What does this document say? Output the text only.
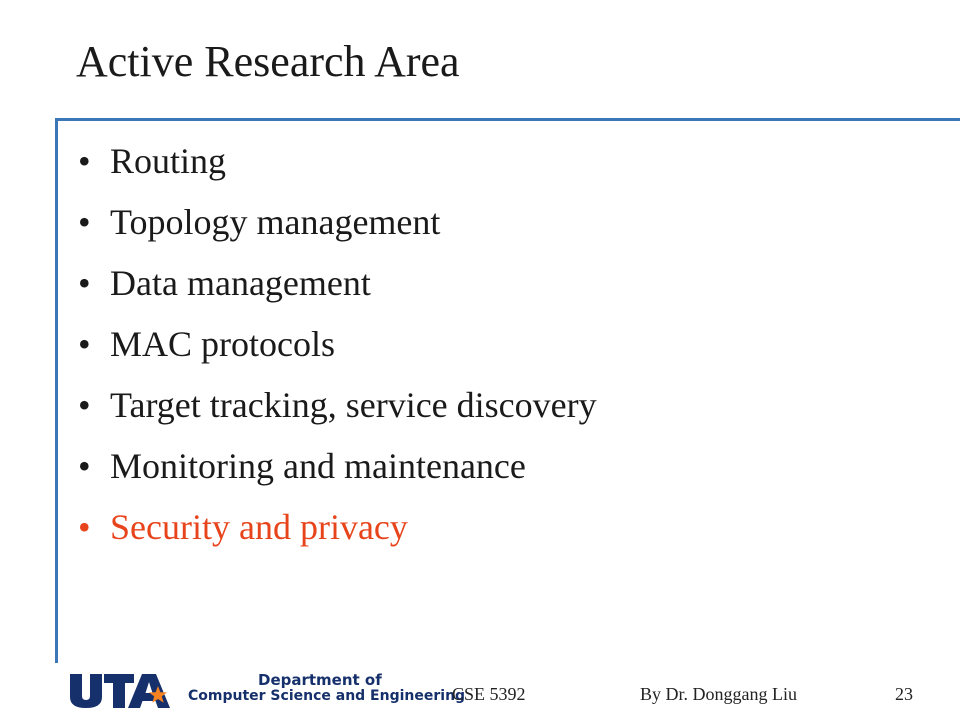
Active Research Area
• Routing
• Topology management
• Data management
• MAC protocols
• Target tracking, service discovery
• Monitoring and maintenance
• Security and privacy
Department of
Computer Science and Engineering
CSE 5392	By Dr. Donggang Liu	23
